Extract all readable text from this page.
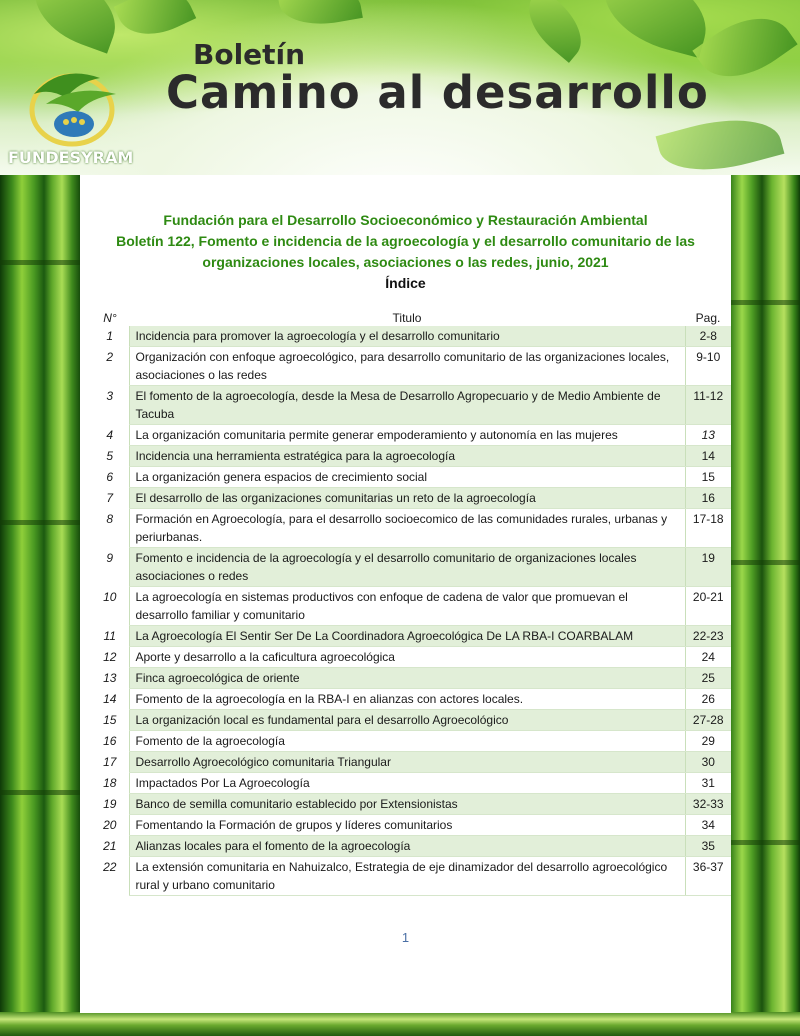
FUNDESYRAM
Boletín
Camino al desarrollo
Fundación para el Desarrollo Socioeconómico y Restauración Ambiental
Boletín 122, Fomento e incidencia de la agroecología y el desarrollo comunitario de las
organizaciones locales, asociaciones o las redes, junio, 2021
Índice
N°	Titulo	Pag.
1	Incidencia para promover la agroecología y el desarrollo comunitario	2-8
2	Organización con enfoque agroecológico, para desarrollo comunitario de las organizaciones locales, asociaciones o las redes	9-10
3	El fomento de la agroecología, desde la Mesa de Desarrollo Agropecuario y de Medio Ambiente de Tacuba	11-12
4	La organización comunitaria permite generar empoderamiento y autonomía en las mujeres	13
5	Incidencia una herramienta estratégica para la agroecología	14
6	La organización genera espacios de crecimiento social	15
7	El desarrollo de las organizaciones comunitarias un reto de la agroecología	16
8	Formación en Agroecología, para el desarrollo socioecomico de las comunidades rurales, urbanas y periurbanas.	17-18
9	Fomento e incidencia de la agroecología y el desarrollo comunitario de organizaciones locales asociaciones o redes	19
10	La agroecología en sistemas productivos con enfoque de cadena de valor que promuevan el desarrollo familiar y comunitario	20-21
11	La Agroecología El Sentir Ser De La Coordinadora Agroecológica De LA RBA-I COARBALAM	22-23
12	Aporte y desarrollo a la caficultura agroecológica	24
13	Finca agroecológica de oriente	25
14	Fomento de la agroecología en la RBA-I en alianzas con actores locales.	26
15	La organización local es fundamental para el desarrollo Agroecológico	27-28
16	Fomento de la agroecología	29
17	Desarrollo Agroecológico comunitaria Triangular	30
18	Impactados Por La Agroecología	31
19	Banco de semilla comunitario establecido por Extensionistas	32-33
20	Fomentando la Formación de grupos y líderes comunitarios	34
21	Alianzas locales para el fomento de la agroecología	35
22	La extensión comunitaria en Nahuizalco, Estrategia de eje dinamizador del desarrollo agroecológico rural y urbano comunitario	36-37
1
